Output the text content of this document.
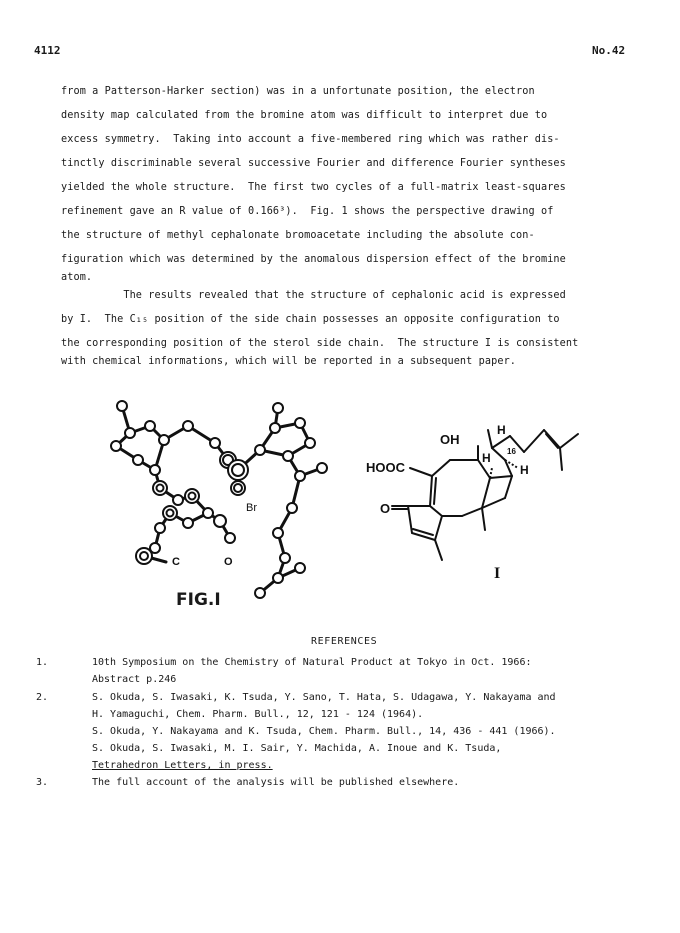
4112	No.42
from a Patterson-Harker section) was in a unfortunate position, the electron
density map calculated from the bromine atom was difficult to interpret due to
excess symmetry.  Taking into account a five-membered ring which was rather dis-
tinctly discriminable several successive Fourier and difference Fourier syntheses
yielded the whole structure.  The first two cycles of a full-matrix least-squares
refinement gave an R value of 0.166³).  Fig. 1 shows the perspective drawing of
the structure of methyl cephalonate bromoacetate including the absolute con-
figuration which was determined by the anomalous dispersion effect of the bromine
atom.
The results revealed that the structure of cephalonic acid is expressed
by I.  The C₁₅ position of the side chain possesses an opposite configuration to
the corresponding position of the sterol side chain.  The structure I is consistent
with chemical informations, which will be reported in a subsequent paper.
Br
C	O
OH
HOOC
O
H
H
H
16
I
FIG.I
REFERENCES
1.	10th Symposium on the Chemistry of Natural Product at Tokyo in Oct. 1966:
Abstract p.246
2.	S. Okuda, S. Iwasaki, K. Tsuda, Y. Sano, T. Hata, S. Udagawa, Y. Nakayama and
H. Yamaguchi, Chem. Pharm. Bull., 12, 121 - 124 (1964).
S. Okuda, Y. Nakayama and K. Tsuda, Chem. Pharm. Bull., 14, 436 - 441 (1966).
S. Okuda, S. Iwasaki, M. I. Sair, Y. Machida, A. Inoue and K. Tsuda,
Tetrahedron Letters, in press.
3.	The full account of the analysis will be published elsewhere.
